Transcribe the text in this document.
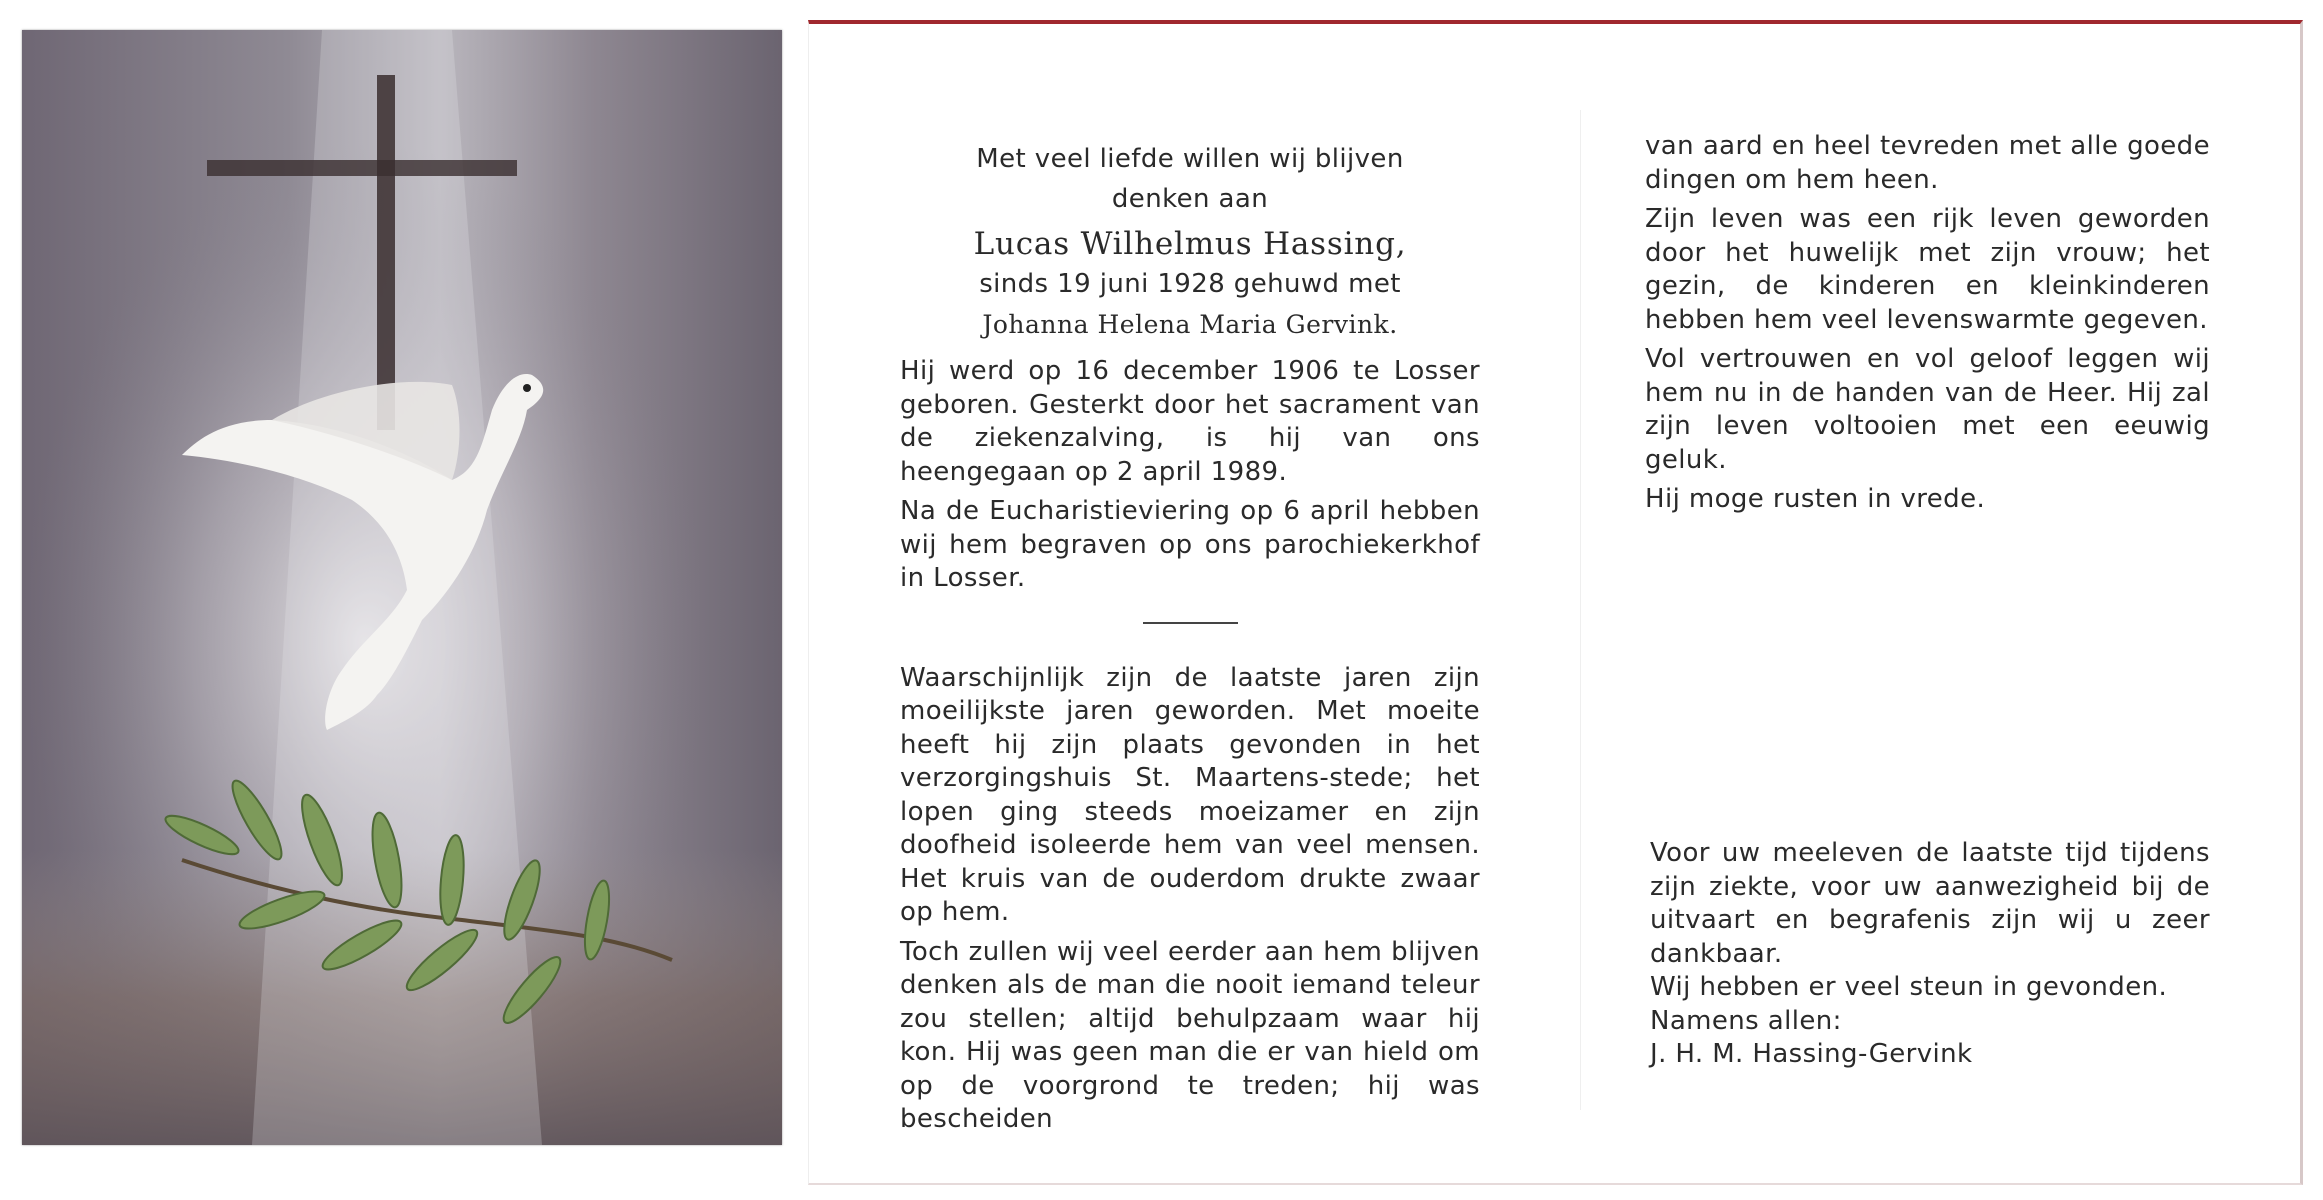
Met veel liefde willen wij blijven

denken aan

Lucas Wilhelmus Hassing,

sinds 19 juni 1928 gehuwd met

Johanna Helena Maria Gervink.

Hij werd op 16 december 1906 te Losser geboren. Gesterkt door het sacrament van de ziekenzalving, is hij van ons heengegaan op 2 april 1989.

Na de Eucharistieviering op 6 april hebben wij hem begraven op ons parochiekerkhof in Losser.

Waarschijnlijk zijn de laatste jaren zijn moeilijkste jaren geworden. Met moeite heeft hij zijn plaats gevonden in het verzorgingshuis St. Maartens-stede; het lopen ging steeds moeizamer en zijn doofheid isoleerde hem van veel mensen. Het kruis van de ouderdom drukte zwaar op hem.

Toch zullen wij veel eerder aan hem blijven denken als de man die nooit iemand teleur zou stellen; altijd behulpzaam waar hij kon. Hij was geen man die er van hield om op de voorgrond te treden; hij was bescheiden

van aard en heel tevreden met alle goede dingen om hem heen.

Zijn leven was een rijk leven geworden door het huwelijk met zijn vrouw; het gezin, de kinderen en kleinkinderen hebben hem veel levenswarmte gegeven.

Vol vertrouwen en vol geloof leggen wij hem nu in de handen van de Heer. Hij zal zijn leven voltooien met een eeuwig geluk.

Hij moge rusten in vrede.

Voor uw meeleven de laatste tijd tijdens zijn ziekte, voor uw aanwezigheid bij de uitvaart en begrafenis zijn wij u zeer dankbaar.

Wij hebben er veel steun in gevonden.

Namens allen:

J. H. M. Hassing-Gervink
